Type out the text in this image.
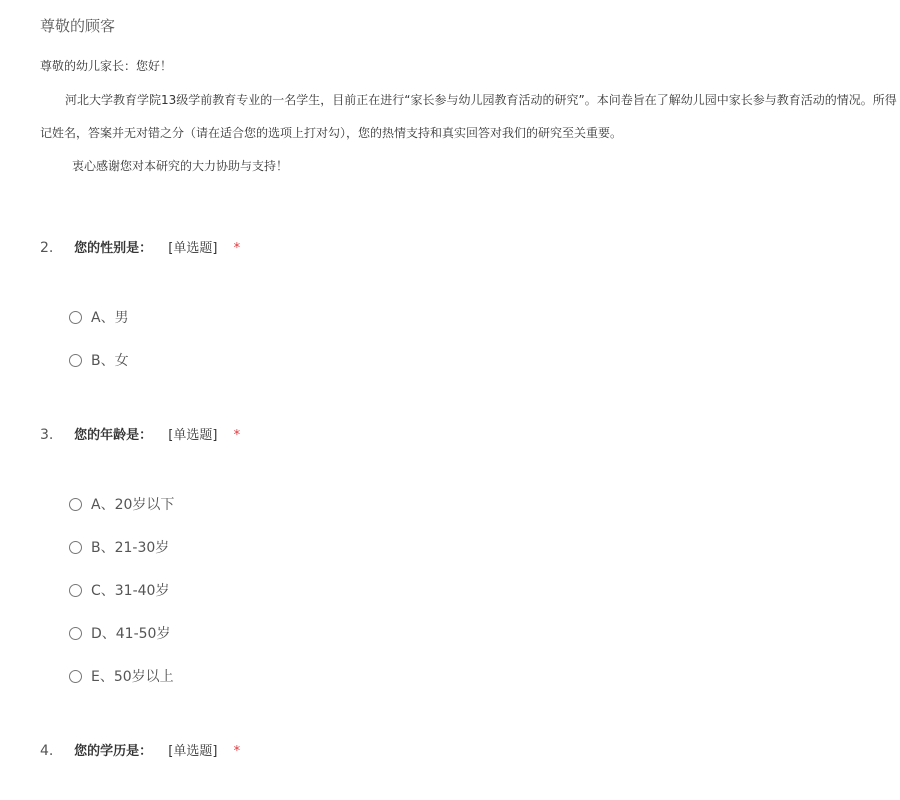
尊敬的顾客
尊敬的幼儿家长：您好！
河北大学教育学院13级学前教育专业的一名学生，目前正在进行“家长参与幼儿园教育活动的研究”。本问卷旨在了解幼儿园中家长参与教育活动的情况。所得
记姓名，答案并无对错之分（请在适合您的选项上打对勾），您的热情支持和真实回答对我们的研究至关重要。
衷心感谢您对本研究的大力协助与支持！
2. 您的性别是： [单选题] *
A、男
B、女
3. 您的年龄是： [单选题] *
A、20岁以下
B、21-30岁
C、31-40岁
D、41-50岁
E、50岁以上
4. 您的学历是： [单选题] *
